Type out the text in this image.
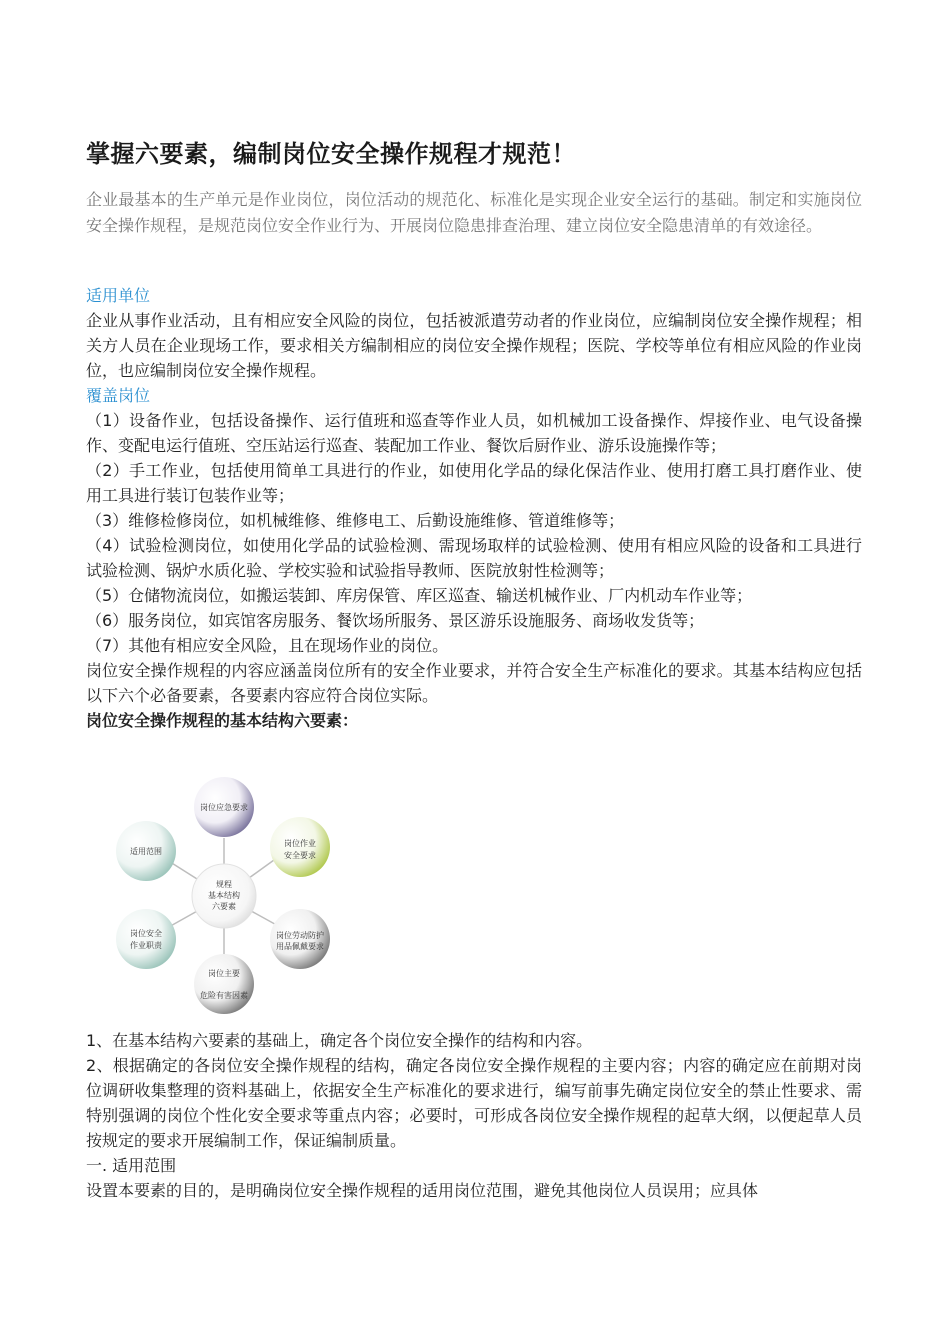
掌握六要素，编制岗位安全操作规程才规范！

企业最基本的生产单元是作业岗位，岗位活动的规范化、标准化是实现企业安全运行的基础。制定和实施岗位安全操作规程，是规范岗位安全作业行为、开展岗位隐患排查治理、建立岗位安全隐患清单的有效途径。

适用单位

企业从事作业活动，且有相应安全风险的岗位，包括被派遣劳动者的作业岗位，应编制岗位安全操作规程；相关方人员在企业现场工作，要求相关方编制相应的岗位安全操作规程；医院、学校等单位有相应风险的作业岗位，也应编制岗位安全操作规程。

覆盖岗位

（1）设备作业，包括设备操作、运行值班和巡查等作业人员，如机械加工设备操作、焊接作业、电气设备操作、变配电运行值班、空压站运行巡查、装配加工作业、餐饮后厨作业、游乐设施操作等；

（2）手工作业，包括使用简单工具进行的作业，如使用化学品的绿化保洁作业、使用打磨工具打磨作业、使用工具进行装订包装作业等；

（3）维修检修岗位，如机械维修、维修电工、后勤设施维修、管道维修等；

（4）试验检测岗位，如使用化学品的试验检测、需现场取样的试验检测、使用有相应风险的设备和工具进行试验检测、锅炉水质化验、学校实验和试验指导教师、医院放射性检测等；

（5）仓储物流岗位，如搬运装卸、库房保管、库区巡查、输送机械作业、厂内机动车作业等；

（6）服务岗位，如宾馆客房服务、餐饮场所服务、景区游乐设施服务、商场收发货等；

（7）其他有相应安全风险，且在现场作业的岗位。

岗位安全操作规程的内容应涵盖岗位所有的安全作业要求，并符合安全生产标准化的要求。其基本结构应包括以下六个必备要素，各要素内容应符合岗位实际。

岗位安全操作规程的基本结构六要素：

岗位应急要求
岗位作业
安全要求
岗位劳动防护
用品佩戴要求
岗位主要
危险有害因素
岗位安全
作业职责
适用范围
规程
基本结构
六要素

1、在基本结构六要素的基础上，确定各个岗位安全操作的结构和内容。

2、根据确定的各岗位安全操作规程的结构，确定各岗位安全操作规程的主要内容；内容的确定应在前期对岗位调研收集整理的资料基础上，依据安全生产标准化的要求进行，编写前事先确定岗位安全的禁止性要求、需特别强调的岗位个性化安全要求等重点内容；必要时，可形成各岗位安全操作规程的起草大纲，以便起草人员按规定的要求开展编制工作，保证编制质量。

一. 适用范围

设置本要素的目的，是明确岗位安全操作规程的适用岗位范围，避免其他岗位人员误用；应具体
